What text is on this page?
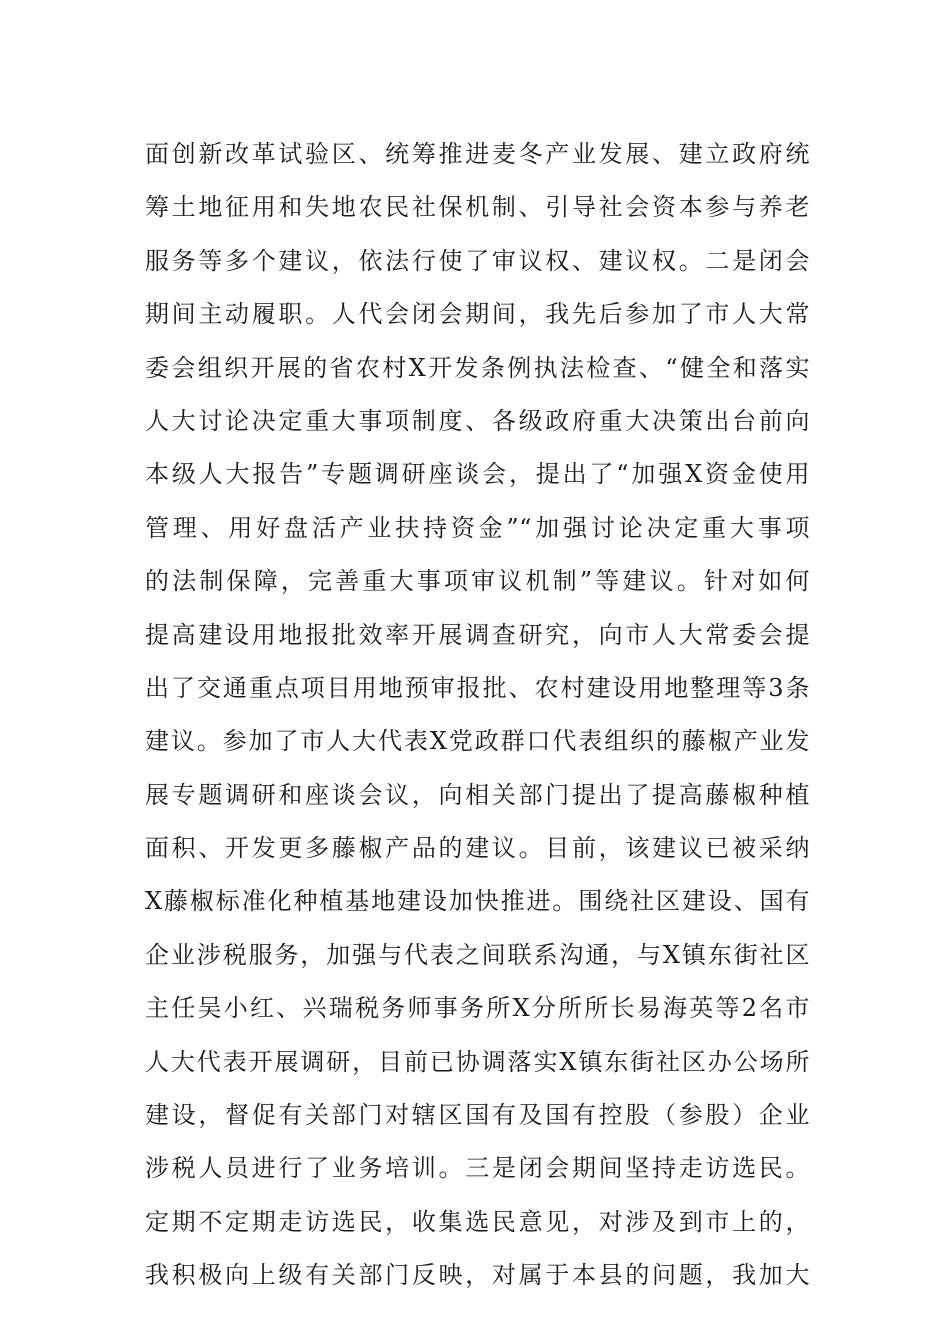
面创新改革试验区、统筹推进麦冬产业发展、建立政府统
筹土地征用和失地农民社保机制、引导社会资本参与养老
服务等多个建议，依法行使了审议权、建议权。二是闭会
期间主动履职。人代会闭会期间，我先后参加了市人大常
委会组织开展的省农村X开发条例执法检查、“健全和落实
人大讨论决定重大事项制度、各级政府重大决策出台前向
本级人大报告”专题调研座谈会，提出了“加强X资金使用
管理、用好盘活产业扶持资金”“加强讨论决定重大事项
的法制保障，完善重大事项审议机制”等建议。针对如何
提高建设用地报批效率开展调查研究，向市人大常委会提
出了交通重点项目用地预审报批、农村建设用地整理等3条
建议。参加了市人大代表X党政群口代表组织的藤椒产业发
展专题调研和座谈会议，向相关部门提出了提高藤椒种植
面积、开发更多藤椒产品的建议。目前，该建议已被采纳
X藤椒标准化种植基地建设加快推进。围绕社区建设、国有
企业涉税服务，加强与代表之间联系沟通，与X镇东街社区
主任吴小红、兴瑞税务师事务所X分所所长易海英等2名市
人大代表开展调研，目前已协调落实X镇东街社区办公场所
建设，督促有关部门对辖区国有及国有控股（参股）企业
涉税人员进行了业务培训。三是闭会期间坚持走访选民。
定期不定期走访选民，收集选民意见，对涉及到市上的，
我积极向上级有关部门反映，对属于本县的问题，我加大
